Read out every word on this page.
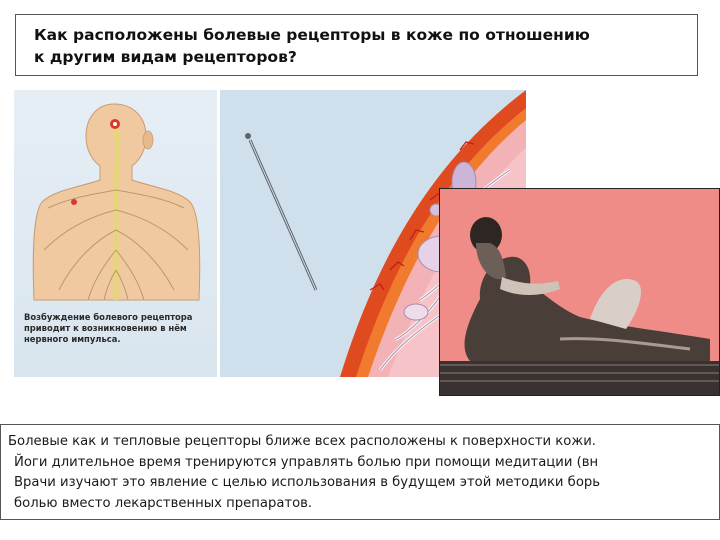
Как расположены болевые рецепторы в коже по отношению
к другим видам рецепторов?
Возбуждение болевого рецептора
приводит к возникновению в нём
нервного импульса.

Болевые как и тепловые рецепторы ближе всех расположены к поверхности кожи.
Йоги длительное время тренируются управлять болью при помощи медитации (вн
Врачи изучают это явление с целью использования в будущем этой методики борь
болью вместо лекарственных препаратов.
